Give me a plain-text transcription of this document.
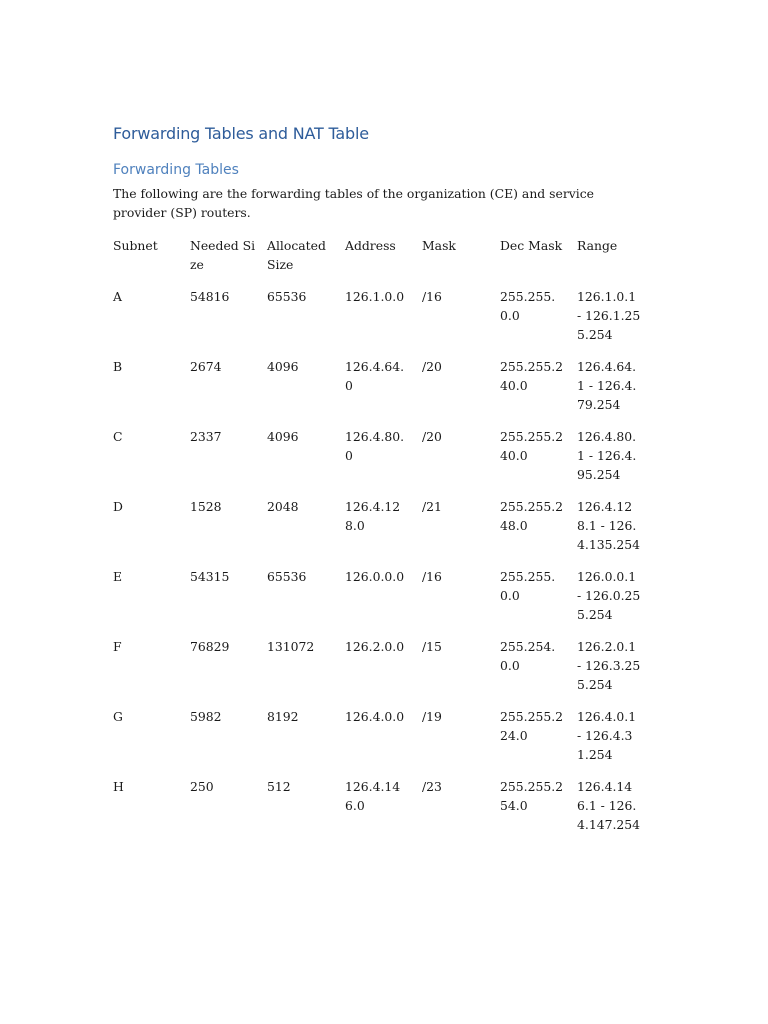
Forwarding Tables and NAT Table
Forwarding Tables

The following are the forwarding tables of the organization (CE) and service provider (SP) routers.

Subnet	Needed Size	Allocated Size	Address	Mask	Dec Mask	Range

A	54816	65536	126.1.0.0	/16	255.255.0.0	126.1.0.1 - 126.1.255.254

B	2674	4096	126.4.64.0	/20	255.255.240.0	126.4.64.1 - 126.4.79.254

C	2337	4096	126.4.80.0	/20	255.255.240.0	126.4.80.1 - 126.4.95.254

D	1528	2048	126.4.128.0	/21	255.255.248.0	126.4.128.1 - 126.4.135.254

E	54315	65536	126.0.0.0	/16	255.255.0.0	126.0.0.1 - 126.0.255.254

F	76829	131072	126.2.0.0	/15	255.254.0.0	126.2.0.1 - 126.3.255.254

G	5982	8192	126.4.0.0	/19	255.255.224.0	126.4.0.1 - 126.4.31.254

H	250	512	126.4.146.0	/23	255.255.254.0	126.4.146.1 - 126.4.147.254
